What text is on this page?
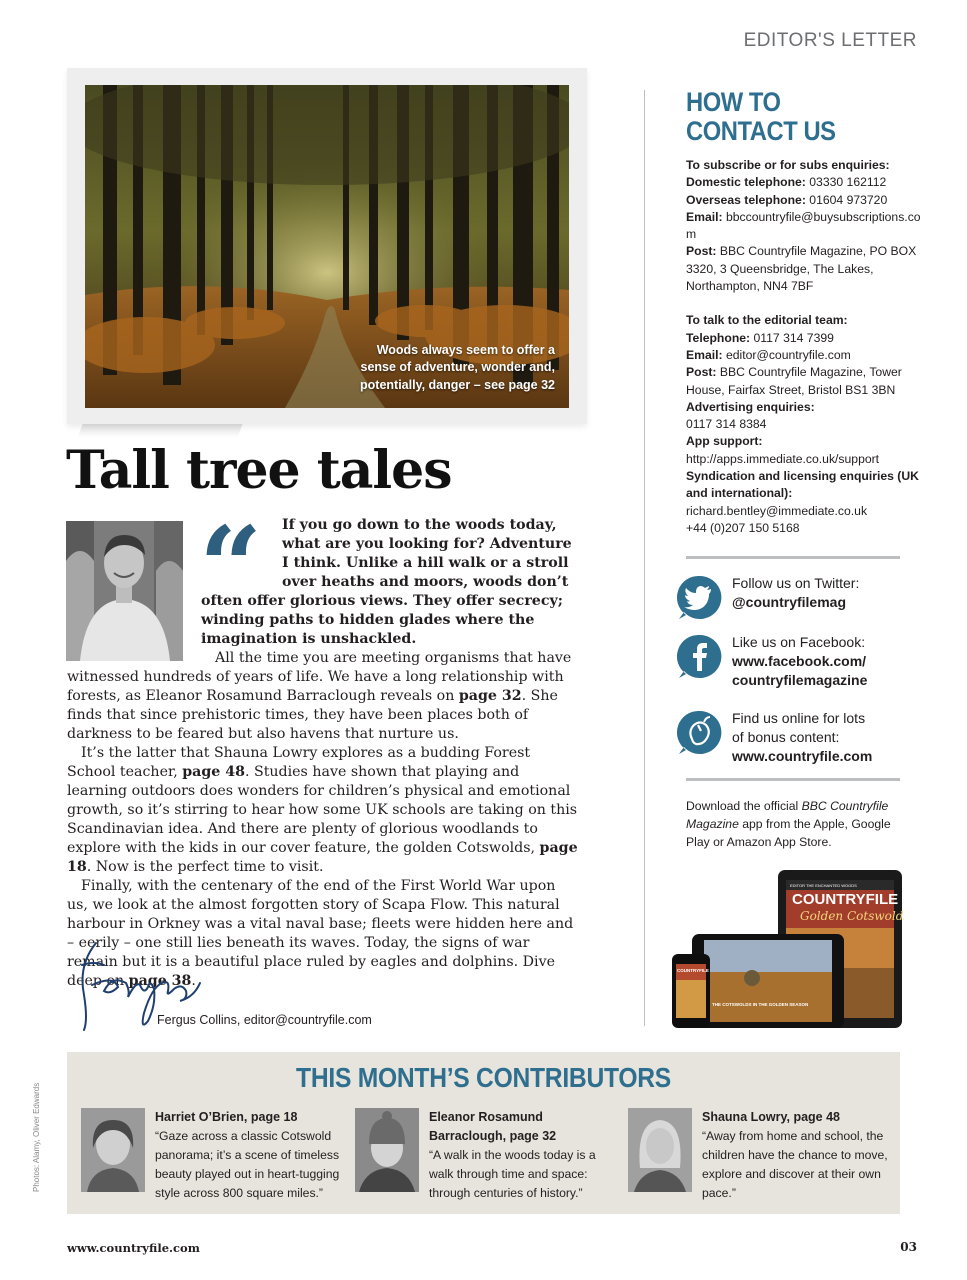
EDITOR'S LETTER
Woods always seem to offer a sense of adventure, wonder and, potentially, danger – see page 32
Tall tree tales
“	If you go down to the woods today, what are you looking for? Adventure I think. Unlike a hill walk or a stroll over heaths and moors, woods don’t often offer glorious views. They offer secrecy; winding paths to hidden glades where the imagination is unshackled.

All the time you are meeting organisms that have witnessed hundreds of years of life. We have a long relationship with forests, as Eleanor Rosamund Barraclough reveals on page 32. She finds that since prehistoric times, they have been places both of darkness to be feared but also havens that nurture us.

It’s the latter that Shauna Lowry explores as a budding Forest School teacher, page 48. Studies have shown that playing and learning outdoors does wonders for children’s physical and emotional growth, so it’s stirring to hear how some UK schools are taking on this Scandinavian idea. And there are plenty of glorious woodlands to explore with the kids in our cover feature, the golden Cotswolds, page 18. Now is the perfect time to visit.

Finally, with the centenary of the end of the First World War upon us, we look at the almost forgotten story of Scapa Flow. This natural harbour in Orkney was a vital naval base; fleets were hidden here and – eerily – one still lies beneath its waves. Today, the signs of war remain but it is a beautiful place ruled by eagles and dolphins. Dive deep on page 38.

Fergus Collins, editor@countryfile.com
HOW TO
CONTACT US
To subscribe or for subs enquiries:
Domestic telephone: 03330 162112
Overseas telephone: 01604 973720
Email: bbccountryfile@buysubscriptions.com
Post: BBC Countryfile Magazine, PO BOX 3320, 3 Queensbridge, The Lakes, Northampton, NN4 7BF
To talk to the editorial team:
Telephone: 0117 314 7399
Email: editor@countryfile.com
Post: BBC Countryfile Magazine, Tower House, Fairfax Street, Bristol BS1 3BN
Advertising enquiries:
0117 314 8384
App support:
http://apps.immediate.co.uk/support
Syndication and licensing enquiries (UK and international):
richard.bentley@immediate.co.uk
+44 (0)207 150 5168
Follow us on Twitter:
@countryfilemag
Like us on Facebook:
www.facebook.com/
countryfilemagazine
Find us online for lots
of bonus content:
www.countryfile.com
Download the official BBC Countryfile Magazine app from the Apple, Google Play or Amazon App Store.
EDITOR THE ENCHANTED WOODS
COUNTRYFILE
Golden Cotswolds
THE COTSWOLDS IN THE GOLDEN SEASON
COUNTRYFILE
THIS MONTH’S CONTRIBUTORS
Harriet O’Brien, page 18
“Gaze across a classic Cotswold panorama; it’s a scene of timeless beauty played out in heart-tugging style across 800 square miles.”
Eleanor Rosamund Barraclough, page 32
“A walk in the woods today is a walk through time and space: through centuries of history.”
Shauna Lowry, page 48
“Away from home and school, the children have the chance to move, explore and discover at their own pace.”
Photos: Alamy, Oliver Edwards
www.countryfile.com	03
